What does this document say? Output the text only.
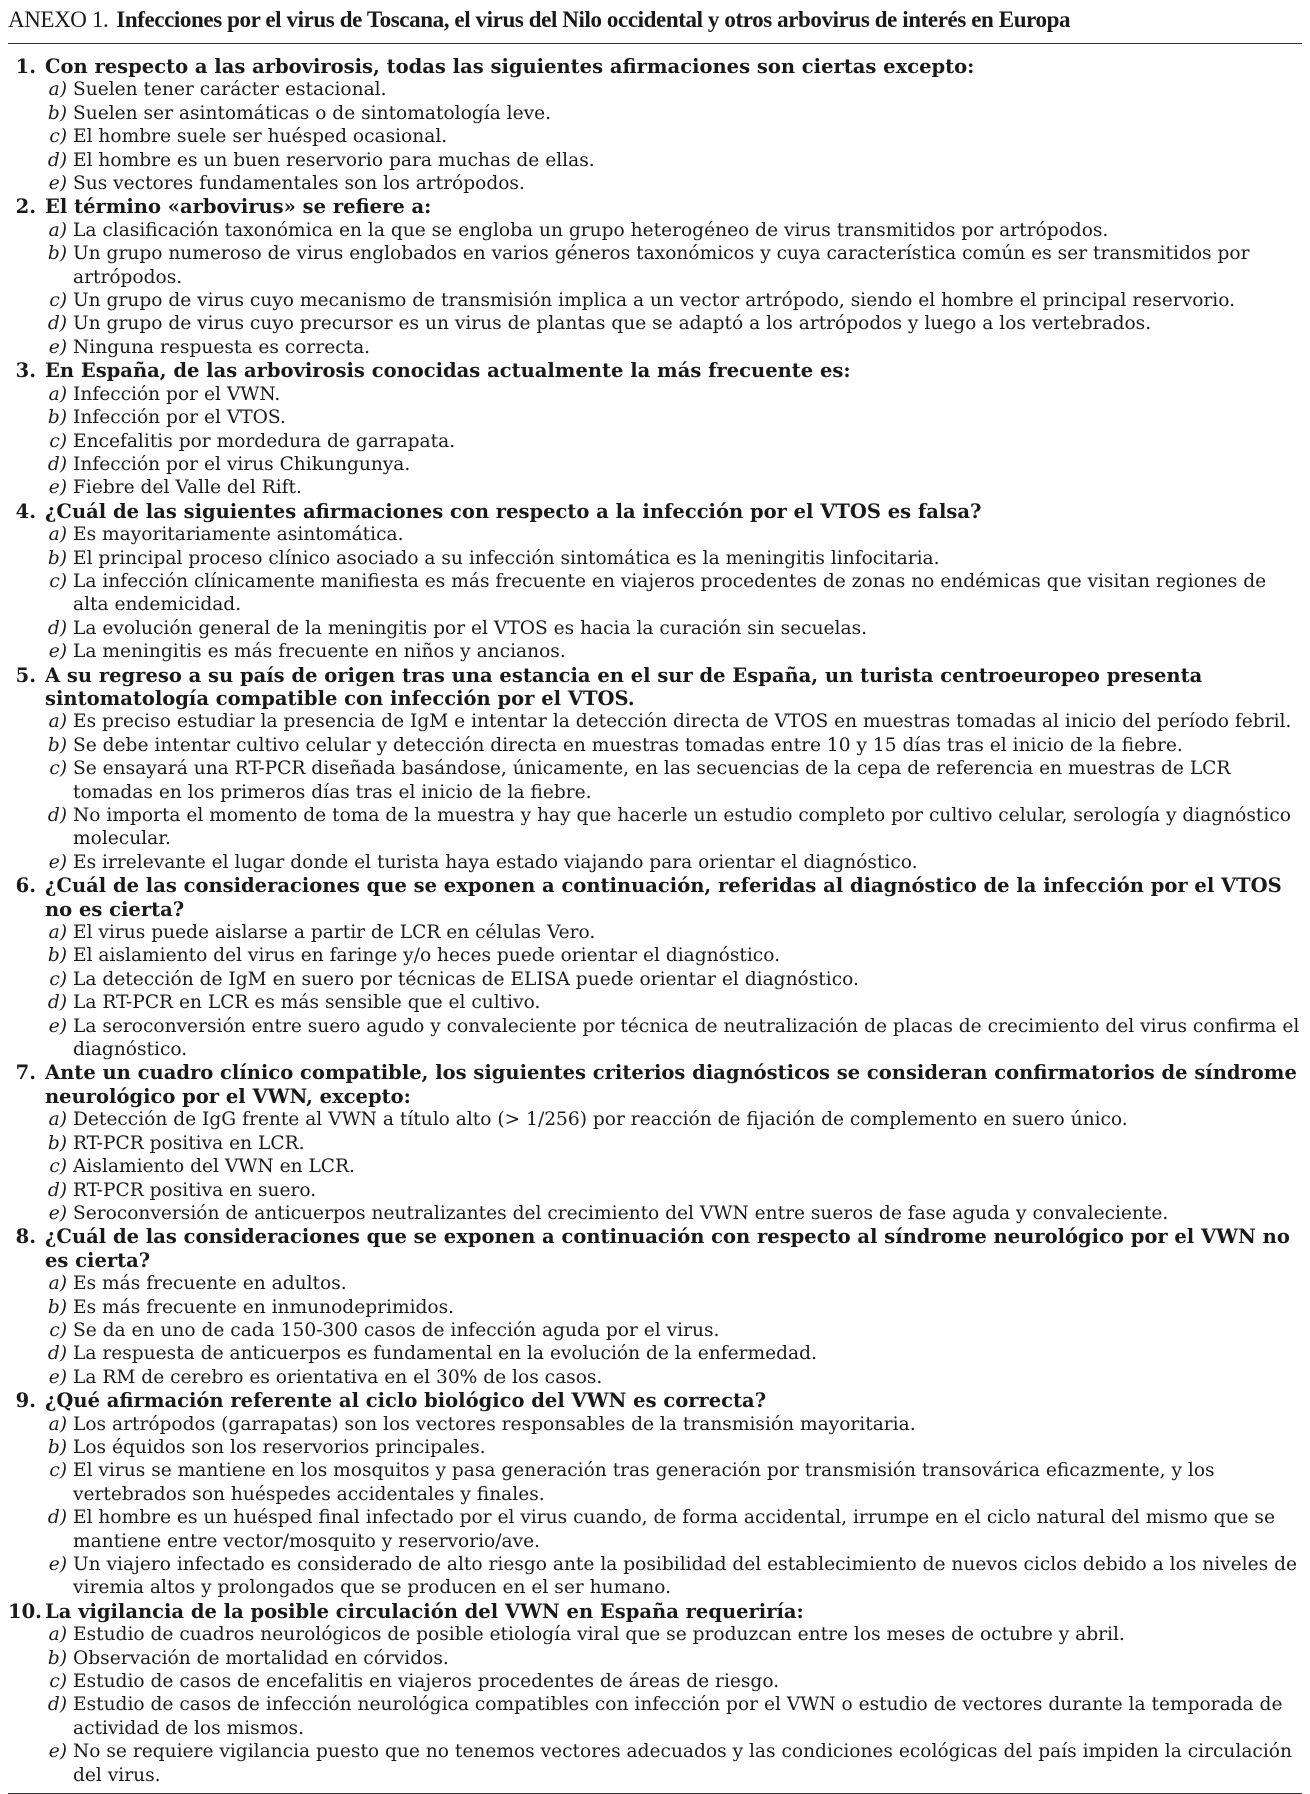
ANEXO 1. Infecciones por el virus de Toscana, el virus del Nilo occidental y otros arbovirus de interés en Europa
1. Con respecto a las arbovirosis, todas las siguientes afirmaciones son ciertas excepto:
a) Suelen tener carácter estacional.
b) Suelen ser asintomáticas o de sintomatología leve.
c) El hombre suele ser huésped ocasional.
d) El hombre es un buen reservorio para muchas de ellas.
e) Sus vectores fundamentales son los artrópodos.
2. El término «arbovirus» se refiere a:
a) La clasificación taxonómica en la que se engloba un grupo heterogéneo de virus transmitidos por artrópodos.
b) Un grupo numeroso de virus englobados en varios géneros taxonómicos y cuya característica común es ser transmitidos por artrópodos.
c) Un grupo de virus cuyo mecanismo de transmisión implica a un vector artrópodo, siendo el hombre el principal reservorio.
d) Un grupo de virus cuyo precursor es un virus de plantas que se adaptó a los artrópodos y luego a los vertebrados.
e) Ninguna respuesta es correcta.
3. En España, de las arbovirosis conocidas actualmente la más frecuente es:
a) Infección por el VWN.
b) Infección por el VTOS.
c) Encefalitis por mordedura de garrapata.
d) Infección por el virus Chikungunya.
e) Fiebre del Valle del Rift.
4. ¿Cuál de las siguientes afirmaciones con respecto a la infección por el VTOS es falsa?
a) Es mayoritariamente asintomática.
b) El principal proceso clínico asociado a su infección sintomática es la meningitis linfocitaria.
c) La infección clínicamente manifiesta es más frecuente en viajeros procedentes de zonas no endémicas que visitan regiones de alta endemicidad.
d) La evolución general de la meningitis por el VTOS es hacia la curación sin secuelas.
e) La meningitis es más frecuente en niños y ancianos.
5. A su regreso a su país de origen tras una estancia en el sur de España, un turista centroeuropeo presenta sintomatología compatible con infección por el VTOS.
a) Es preciso estudiar la presencia de IgM e intentar la detección directa de VTOS en muestras tomadas al inicio del período febril.
b) Se debe intentar cultivo celular y detección directa en muestras tomadas entre 10 y 15 días tras el inicio de la fiebre.
c) Se ensayará una RT-PCR diseñada basándose, únicamente, en las secuencias de la cepa de referencia en muestras de LCR tomadas en los primeros días tras el inicio de la fiebre.
d) No importa el momento de toma de la muestra y hay que hacerle un estudio completo por cultivo celular, serología y diagnóstico molecular.
e) Es irrelevante el lugar donde el turista haya estado viajando para orientar el diagnóstico.
6. ¿Cuál de las consideraciones que se exponen a continuación, referidas al diagnóstico de la infección por el VTOS no es cierta?
a) El virus puede aislarse a partir de LCR en células Vero.
b) El aislamiento del virus en faringe y/o heces puede orientar el diagnóstico.
c) La detección de IgM en suero por técnicas de ELISA puede orientar el diagnóstico.
d) La RT-PCR en LCR es más sensible que el cultivo.
e) La seroconversión entre suero agudo y convaleciente por técnica de neutralización de placas de crecimiento del virus confirma el diagnóstico.
7. Ante un cuadro clínico compatible, los siguientes criterios diagnósticos se consideran confirmatorios de síndrome neurológico por el VWN, excepto:
a) Detección de IgG frente al VWN a título alto (> 1/256) por reacción de fijación de complemento en suero único.
b) RT-PCR positiva en LCR.
c) Aislamiento del VWN en LCR.
d) RT-PCR positiva en suero.
e) Seroconversión de anticuerpos neutralizantes del crecimiento del VWN entre sueros de fase aguda y convaleciente.
8. ¿Cuál de las consideraciones que se exponen a continuación con respecto al síndrome neurológico por el VWN no es cierta?
a) Es más frecuente en adultos.
b) Es más frecuente en inmunodeprimidos.
c) Se da en uno de cada 150-300 casos de infección aguda por el virus.
d) La respuesta de anticuerpos es fundamental en la evolución de la enfermedad.
e) La RM de cerebro es orientativa en el 30% de los casos.
9. ¿Qué afirmación referente al ciclo biológico del VWN es correcta?
a) Los artrópodos (garrapatas) son los vectores responsables de la transmisión mayoritaria.
b) Los équidos son los reservorios principales.
c) El virus se mantiene en los mosquitos y pasa generación tras generación por transmisión transovárica eficazmente, y los vertebrados son huéspedes accidentales y finales.
d) El hombre es un huésped final infectado por el virus cuando, de forma accidental, irrumpe en el ciclo natural del mismo que se mantiene entre vector/mosquito y reservorio/ave.
e) Un viajero infectado es considerado de alto riesgo ante la posibilidad del establecimiento de nuevos ciclos debido a los niveles de viremia altos y prolongados que se producen en el ser humano.
10. La vigilancia de la posible circulación del VWN en España requeriría:
a) Estudio de cuadros neurológicos de posible etiología viral que se produzcan entre los meses de octubre y abril.
b) Observación de mortalidad en córvidos.
c) Estudio de casos de encefalitis en viajeros procedentes de áreas de riesgo.
d) Estudio de casos de infección neurológica compatibles con infección por el VWN o estudio de vectores durante la temporada de actividad de los mismos.
e) No se requiere vigilancia puesto que no tenemos vectores adecuados y las condiciones ecológicas del país impiden la circulación del virus.
